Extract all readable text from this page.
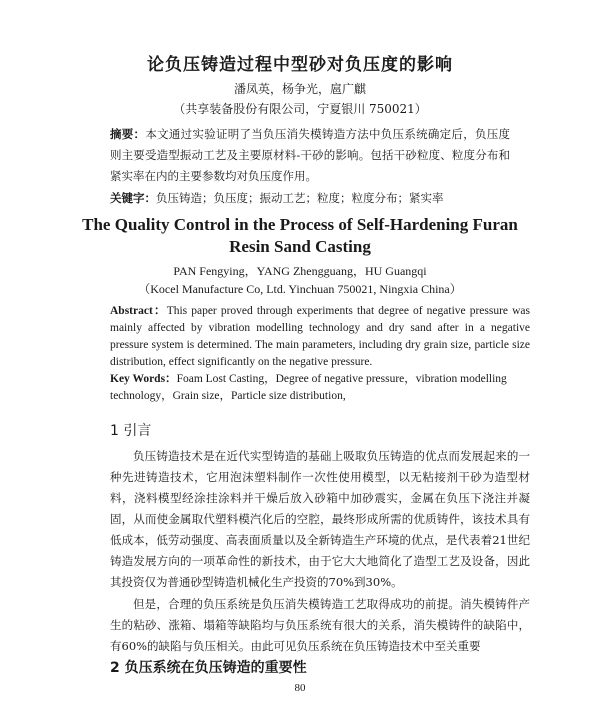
论负压铸造过程中型砂对负压度的影响
潘凤英，杨争光，扈广麒
（共享装备股份有限公司，宁夏银川 750021）
摘要：本文通过实验证明了当负压消失模铸造方法中负压系统确定后，负压度则主要受造型振动工艺及主要原材料-干砂的影响。包括干砂粒度、粒度分布和紧实率在内的主要参数均对负压度作用。
关键字：负压铸造；负压度；振动工艺；粒度；粒度分布；紧实率
The Quality Control in the Process of Self-Hardening Furan Resin Sand Casting
PAN Fengying，YANG Zhengguang，HU Guangqi
（Kocel Manufacture Co, Ltd. Yinchuan 750021, Ningxia China）
Abstract：This paper proved through experiments that degree of negative pressure was mainly affected by vibration modelling technology and dry sand after in a negative pressure system is determined. The main parameters, including dry grain size, particle size distribution, effect significantly on the negative pressure.
Key Words：Foam Lost Casting，Degree of negative pressure，vibration modelling technology，Grain size，Particle size distribution,
1 引言
负压铸造技术是在近代实型铸造的基础上吸取负压铸造的优点而发展起来的一种先进铸造技术，它用泡沫塑料制作一次性使用模型，以无粘接剂干砂为造型材料，浇料模型经涂挂涂料并干燥后放入砂箱中加砂震实，金属在负压下浇注并凝固，从而使金属取代塑料模汽化后的空腔，最终形成所需的优质铸件，该技术具有低成本，低劳动强度、高表面质量以及全新铸造生产环境的优点，是代表着21世纪铸造发展方向的一项革命性的新技术，由于它大大地简化了造型工艺及设备，因此其投资仅为普通砂型铸造机械化生产投资的70%到30%。
但是，合理的负压系统是负压消失模铸造工艺取得成功的前提。消失模铸件产生的粘砂、涨箱、塌箱等缺陷均与负压系统有很大的关系，消失模铸件的缺陷中，有60%的缺陷与负压相关。由此可见负压系统在负压铸造技术中至关重要
2 负压系统在负压铸造的重要性
80
